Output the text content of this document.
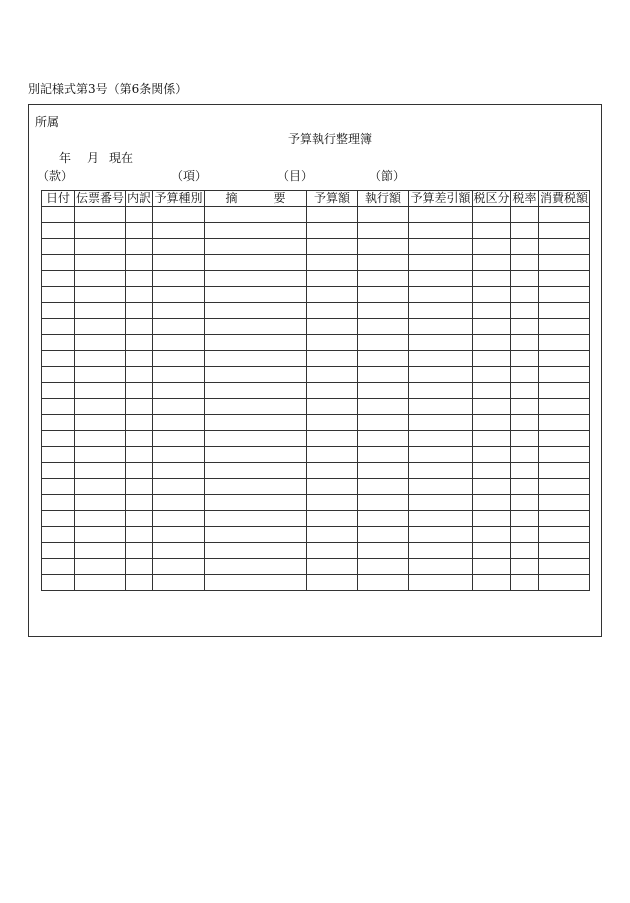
別記様式第3号（第6条関係）
所属
予算執行整理簿
年 月 現在
（款）	（項）	（目）	（節）
日付	伝票番号	内訳	予算種別	摘　　　要	予算額	執行額	予算差引額	税区分	税率	消費税額
